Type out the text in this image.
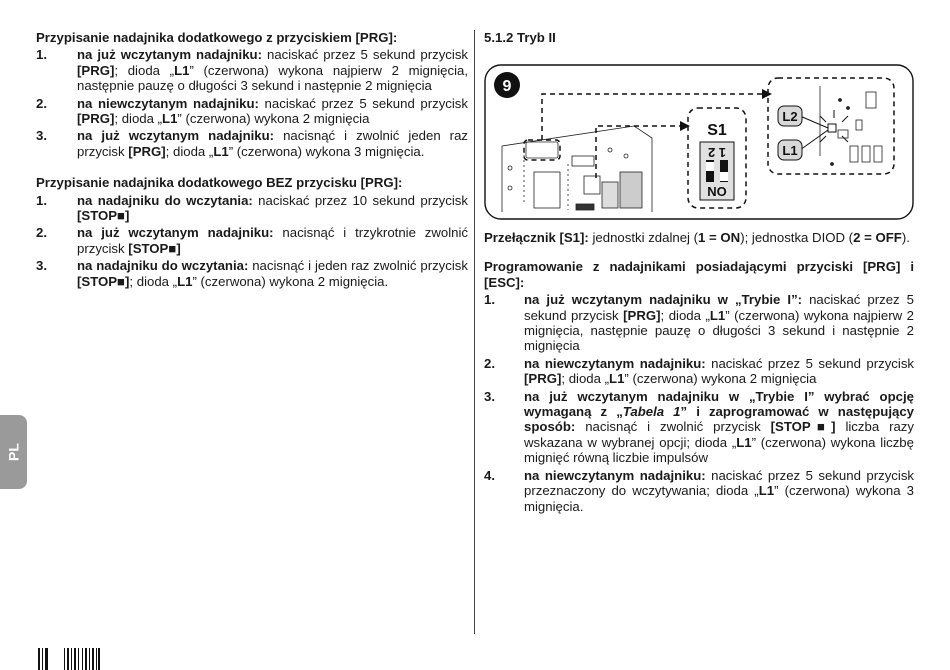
PL
Przypisanie nadajnika dodatkowego z przyciskiem [PRG]:
1. na już wczytanym nadajniku: naciskać przez 5 sekund przycisk [PRG]; dioda „L1” (czerwona) wykona najpierw 2 mignięcia, następnie pauzę o długości 3 sekund i następnie 2 mignięcia
2. na niewczytanym nadajniku: naciskać przez 5 sekund przycisk [PRG]; dioda „L1” (czerwona) wykona 2 mignięcia
3. na już wczytanym nadajniku: nacisnąć i zwolnić jeden raz przycisk [PRG]; dioda „L1” (czerwona) wykona 3 mignięcia.
Przypisanie nadajnika dodatkowego BEZ przycisku [PRG]:
1. na nadajniku do wczytania: naciskać przez 10 sekund przycisk [STOP■]
2. na już wczytanym nadajniku: nacisnąć i trzykrotnie zwolnić przycisk [STOP■]
3. na nadajniku do wczytania: nacisnąć i jeden raz zwolnić przycisk [STOP■]; dioda „L1” (czerwona) wykona 2 mignięcia.
5.1.2 Tryb II
9
S1
1 2
NO
L2
L1
Przełącznik [S1]: jednostki zdalnej (1 = ON); jednostka DIOD (2 = OFF).
Programowanie z nadajnikami posiadającymi przyciski [PRG] i [ESC]:
1. na już wczytanym nadajniku w „Trybie I”: naciskać przez 5 sekund przycisk [PRG]; dioda „L1” (czerwona) wykona najpierw 2 mignięcia, następnie pauzę o długości 3 sekund i następnie 2 mignięcia
2. na niewczytanym nadajniku: naciskać przez 5 sekund przycisk [PRG]; dioda „L1” (czerwona) wykona 2 mignięcia
3. na już wczytanym nadajniku w „Trybie I” wybrać opcję wymaganą z „Tabela 1” i zaprogramować w następujący sposób: nacisnąć i zwolnić przycisk [STOP■] liczba razy wskazana w wybranej opcji; dioda „L1” (czerwona) wykona liczbę mignięć równą liczbie impulsów
4. na niewczytanym nadajniku: naciskać przez 5 sekund przycisk przeznaczony do wczytywania; dioda „L1” (czerwona) wykona 3 mignięcia.
